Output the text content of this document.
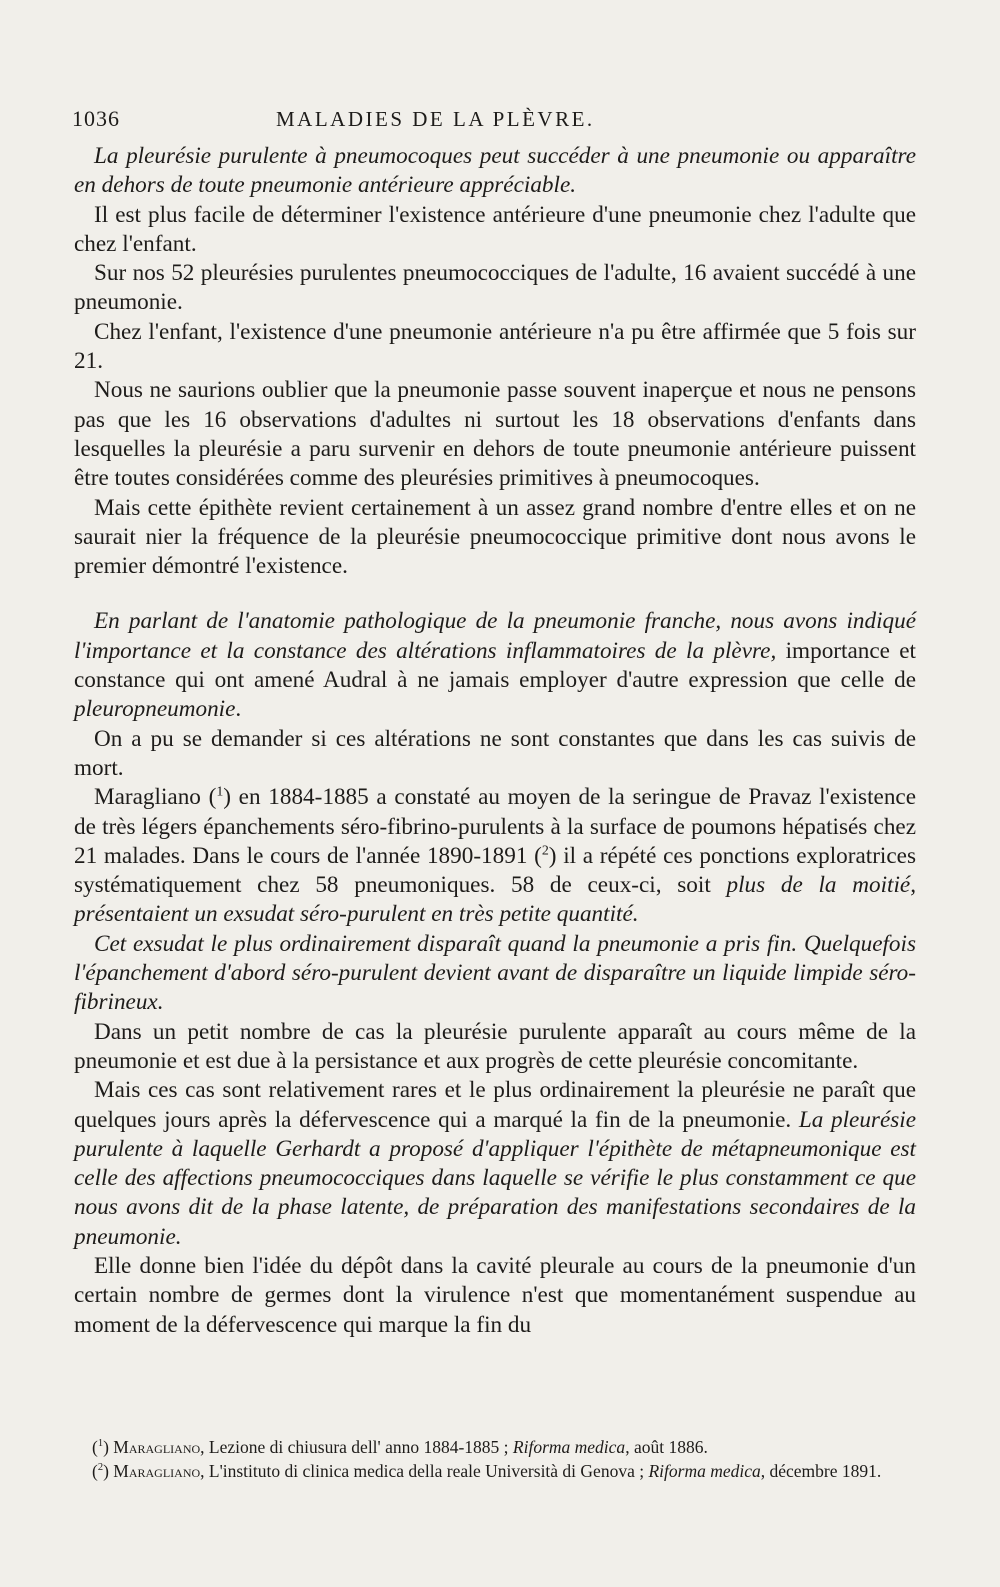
1036	MALADIES DE LA PLÈVRE.

La pleurésie purulente à pneumocoques peut succéder à une pneumonie ou apparaître en dehors de toute pneumonie antérieure appréciable.

Il est plus facile de déterminer l'existence antérieure d'une pneumonie chez l'adulte que chez l'enfant.

Sur nos 52 pleurésies purulentes pneumococciques de l'adulte, 16 avaient succédé à une pneumonie.

Chez l'enfant, l'existence d'une pneumonie antérieure n'a pu être affirmée que 5 fois sur 21.

Nous ne saurions oublier que la pneumonie passe souvent inaperçue et nous ne pensons pas que les 16 observations d'adultes ni surtout les 18 observations d'enfants dans lesquelles la pleurésie a paru survenir en dehors de toute pneumonie antérieure puissent être toutes considérées comme des pleurésies primitives à pneumocoques.

Mais cette épithète revient certainement à un assez grand nombre d'entre elles et on ne saurait nier la fréquence de la pleurésie pneumococcique primitive dont nous avons le premier démontré l'existence.

En parlant de l'anatomie pathologique de la pneumonie franche, nous avons indiqué l'importance et la constance des altérations inflammatoires de la plèvre, importance et constance qui ont amené Audral à ne jamais employer d'autre expression que celle de pleuropneumonie.

On a pu se demander si ces altérations ne sont constantes que dans les cas suivis de mort.

Maragliano ($^1$) en 1884-1885 a constaté au moyen de la seringue de Pravaz l'existence de très légers épanchements séro-fibrino-purulents à la surface de poumons hépatisés chez 21 malades. Dans le cours de l'année 1890-1891 ($^2$) il a répété ces ponctions exploratrices systématiquement chez 58 pneumoniques. 58 de ceux-ci, soit plus de la moitié, présentaient un exsudat séro-purulent en très petite quantité.

Cet exsudat le plus ordinairement disparaît quand la pneumonie a pris fin. Quelquefois l'épanchement d'abord séro-purulent devient avant de disparaître un liquide limpide séro-fibrineux.

Dans un petit nombre de cas la pleurésie purulente apparaît au cours même de la pneumonie et est due à la persistance et aux progrès de cette pleurésie concomitante.

Mais ces cas sont relativement rares et le plus ordinairement la pleurésie ne paraît que quelques jours après la défervescence qui a marqué la fin de la pneumonie. La pleurésie purulente à laquelle Gerhardt a proposé d'appliquer l'épithète de métapneumonique est celle des affections pneumococciques dans laquelle se vérifie le plus constamment ce que nous avons dit de la phase latente, de préparation des manifestations secondaires de la pneumonie.

Elle donne bien l'idée du dépôt dans la cavité pleurale au cours de la pneumonie d'un certain nombre de germes dont la virulence n'est que momentanément suspendue au moment de la défervescence qui marque la fin du

($^1$) Maragliano, Lezione di chiusura dell' anno 1884-1885 ; Riforma medica, août 1886.

($^2$) Maragliano, L'instituto di clinica medica della reale Università di Genova ; Riforma medica, décembre 1891.
